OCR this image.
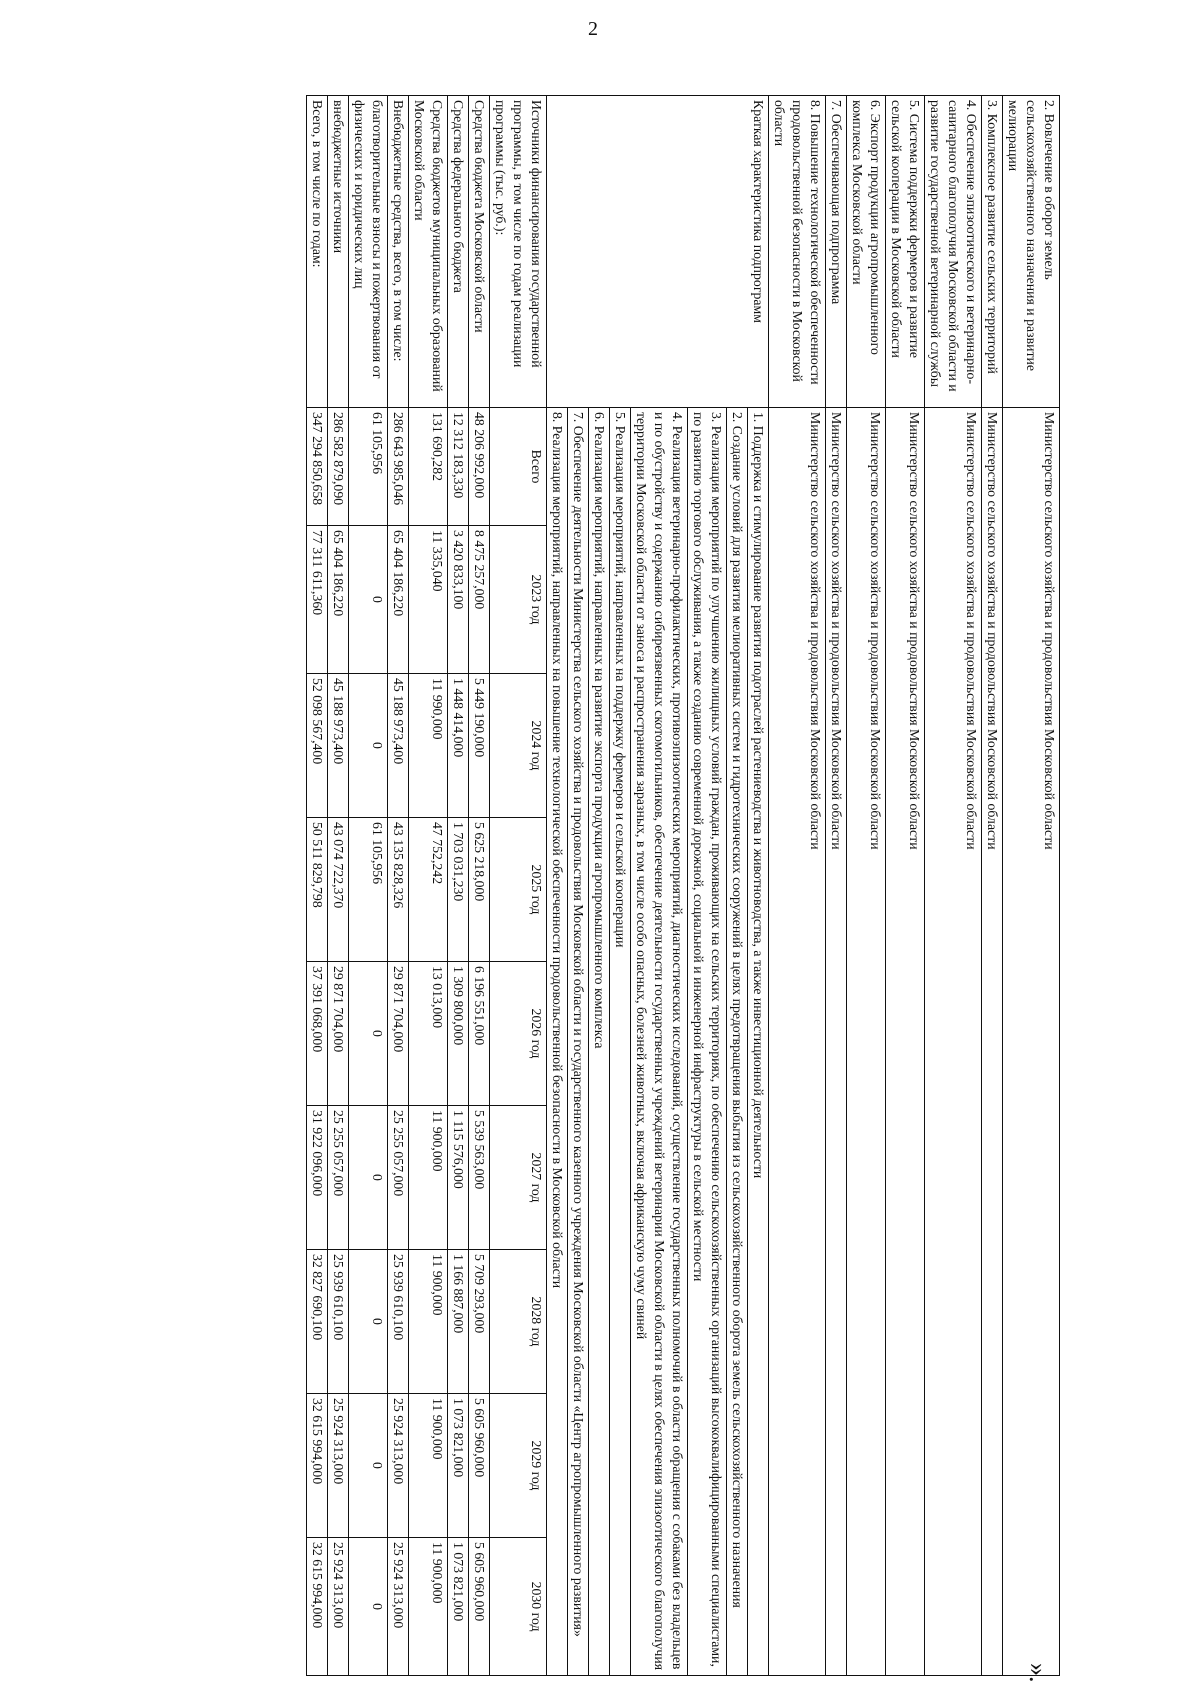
2
2. Вовлечение в оборот земель сельскохозяйственного назначения и развитие мелиорации	Министерство сельского хозяйства и продовольствия Московской области								
3. Комплексное развитие сельских территорий	Министерство сельского хозяйства и продовольствия Московской области								
4. Обеспечение эпизоотического и ветеринарно-санитарного благополучия Московской области и развитие государственной ветеринарной службы	Министерство сельского хозяйства и продовольствия Московской области								
5. Система поддержки фермеров и развитие сельской кооперации в Московской области	Министерство сельского хозяйства и продовольствия Московской области								
6. Экспорт продукции агропромышленного комплекса Московской области	Министерство сельского хозяйства и продовольствия Московской области								
7. Обеспечивающая подпрограмма	Министерство сельского хозяйства и продовольствия Московской области								
8. Повышение технологической обеспеченности продовольственной безопасности в Московской области	Министерство сельского хозяйства и продовольствия Московской области								
Краткая характеристика подпрограмм	1. Поддержка и стимулирование развития подотраслей растениеводства и животноводства, а также инвестиционной деятельности								
	2. Создание условий для развития мелиоративных систем и гидротехнических сооружений в целях предотвращения выбытия из сельскохозяйственного оборота земель сельскохозяйственного назначения								
	3. Реализация мероприятий по улучшению жилищных условий граждан, проживающих на сельских территориях, по обеспечению сельскохозяйственных организаций высококвалифицированными специалистами, по развитию торгового обслуживания, а также созданию современной дорожной, социальной и инженерной инфраструктуры в сельской местности								
	4. Реализация ветеринарно-профилактических, противоэпизоотических мероприятий, диагностических исследований, осуществление государственных полномочий в области обращения с собаками без владельцев и по обустройству и содержанию сибиреязвенных скотомогильников, обеспечение деятельности государственных учреждений ветеринарии Московской области в целях обеспечения эпизоотического благополучия территории Московской области от заноса и распространения заразных, в том числе особо опасных, болезней животных, включая африканскую чуму свиней								
	5. Реализация мероприятий, направленных на поддержку фермеров и сельской кооперации								
	6. Реализация мероприятий, направленных на развитие экспорта продукции агропромышленного комплекса								
	7. Обеспечение деятельности Министерства сельского хозяйства и продовольствия Московской области и государственного казенного учреждения Московской области «Центр агропромышленного развития»								
	8. Реализация мероприятий, направленных на повышение технологической обеспеченности продовольственной безопасности в Московской области								
Источники финансирования государственной программы, в том числе по годам реализации программы (тыс. руб.):	Всего	2023 год	2024 год	2025 год	2026 год	2027 год	2028 год	2029 год	2030 год
Средства бюджета Московской области	48 206 992,000	8 475 257,000	5 449 190,000	5 625 218,000	6 196 551,000	5 539 563,000	5 709 293,000	5 605 960,000	5 605 960,000
Средства федерального бюджета	12 312 183,330	3 420 833,100	1 448 414,000	1 703 031,230	1 309 800,000	1 115 576,000	1 166 887,000	1 073 821,000	1 073 821,000
Средства бюджетов муниципальных образований Московской области	131 690,282	11 335,040	11 990,000	47 752,242	13 013,000	11 900,000	11 900,000	11 900,000	11 900,000
Внебюджетные средства, всего, в том числе:	286 643 985,046	65 404 186,220	45 188 973,400	43 135 828,326	29 871 704,000	25 255 057,000	25 939 610,100	25 924 313,000	25 924 313,000
благотворительные взносы и пожертвования от физических и юридических лиц	61 105,956	0	0	61 105,956	0	0	0	0	0
внебюджетные источники	286 582 879,090	65 404 186,220	45 188 973,400	43 074 722,370	29 871 704,000	25 255 057,000	25 939 610,100	25 924 313,000	25 924 313,000
Всего, в том числе по годам:	347 294 850,658	77 311 611,360	52 098 567,400	50 511 829,798	37 391 068,000	31 922 096,000	32 827 690,100	32 615 994,000	32 615 994,000
».
